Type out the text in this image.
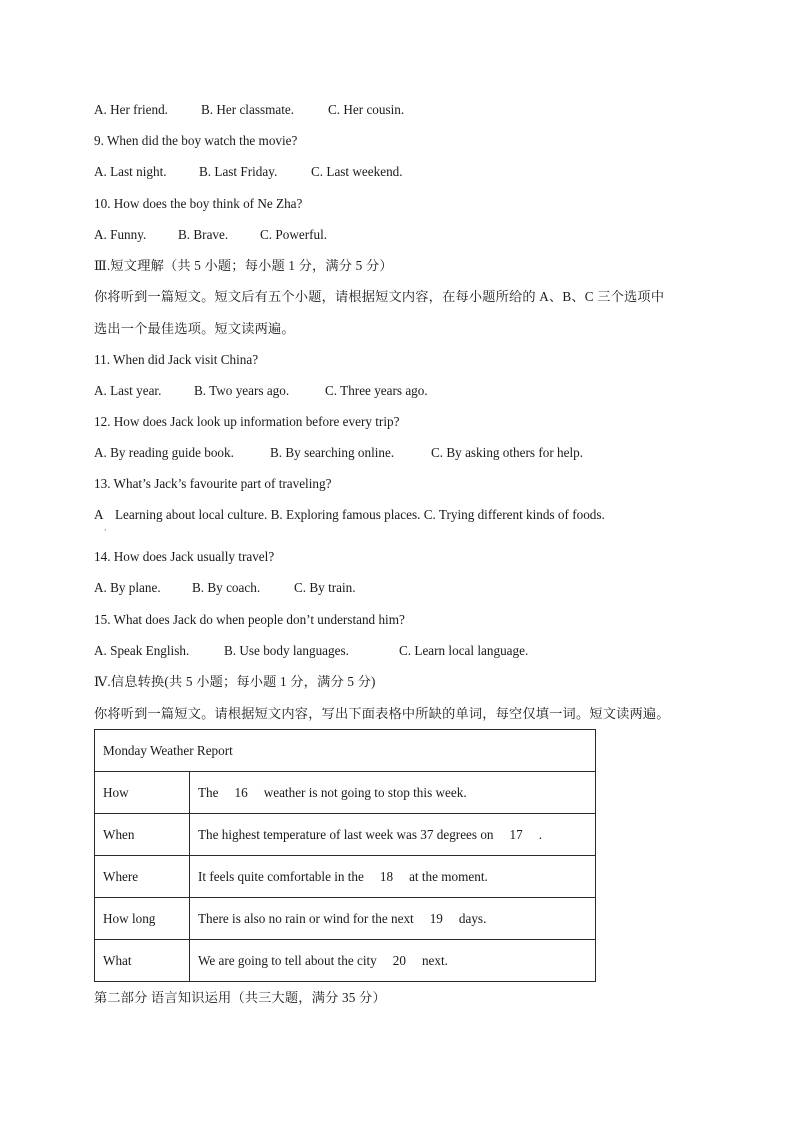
A. Her friend.	B. Her classmate.	C. Her cousin.
9. When did the boy watch the movie?
A. Last night. B. Last Friday.	C. Last weekend.
10. How does the boy think of Ne Zha?
A. Funny. B. Brave. C. Powerful.
Ⅲ.短文理解（共 5 小题；每小题 1 分，满分 5 分）
你将听到一篇短文。短文后有五个小题，请根据短文内容，在每小题所给的 A、B、C 三个选项中
选出一个最佳选项。短文读两遍。
11. When did Jack visit China?
A. Last year. B. Two years ago.	C. Three years ago.
12. How does Jack look up information before every trip?
A. By reading guide book.	B. By searching online.	C. By asking others for help.
13. What’s Jack’s favourite part of traveling?
A Learning about local culture. B. Exploring famous places. C. Trying different kinds of foods.
·
14. How does Jack usually travel?
A. By plane. B. By coach.	C. By train.
15. What does Jack do when people don’t understand him?
A. Speak English.	B. Use body languages.	C. Learn local language.
Ⅳ.信息转换(共 5 小题；每小题 1 分，满分 5 分)
你将听到一篇短文。请根据短文内容，写出下面表格中所缺的单词，每空仅填一词。短文读两遍。
Monday Weather Report	
How	The 16 weather is not going to stop this week.
When	The highest temperature of last week was 37 degrees on 17 .
Where	It feels quite comfortable in the 18 at the moment.
How long	There is also no rain or wind for the next 19 days.
What	We are going to tell about the city 20 next.
第二部分 语言知识运用（共三大题，满分 35 分）
